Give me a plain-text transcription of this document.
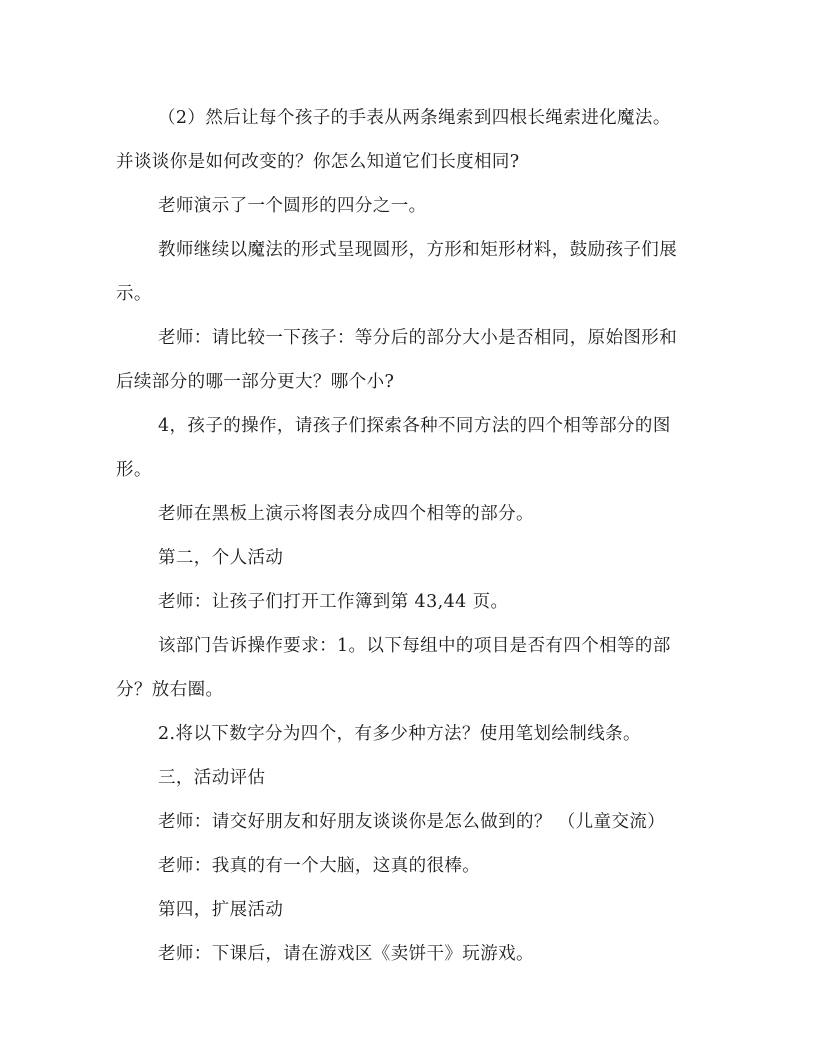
（2）然后让每个孩子的手表从两条绳索到四根长绳索进化魔法。
并谈谈你是如何改变的？你怎么知道它们长度相同?
老师演示了一个圆形的四分之一。
教师继续以魔法的形式呈现圆形，方形和矩形材料，鼓励孩子们展
示。
老师：请比较一下孩子：等分后的部分大小是否相同，原始图形和
后续部分的哪一部分更大？哪个小?
4，孩子的操作，请孩子们探索各种不同方法的四个相等部分的图
形。
老师在黑板上演示将图表分成四个相等的部分。
第二，个人活动
老师：让孩子们打开工作簿到第 43,44 页。
该部门告诉操作要求：1。以下每组中的项目是否有四个相等的部
分？放右圈。
2.将以下数字分为四个，有多少种方法？使用笔划绘制线条。
三，活动评估
老师：请交好朋友和好朋友谈谈你是怎么做到的？ （儿童交流）
老师：我真的有一个大脑，这真的很棒。
第四，扩展活动
老师：下课后，请在游戏区《卖饼干》玩游戏。
